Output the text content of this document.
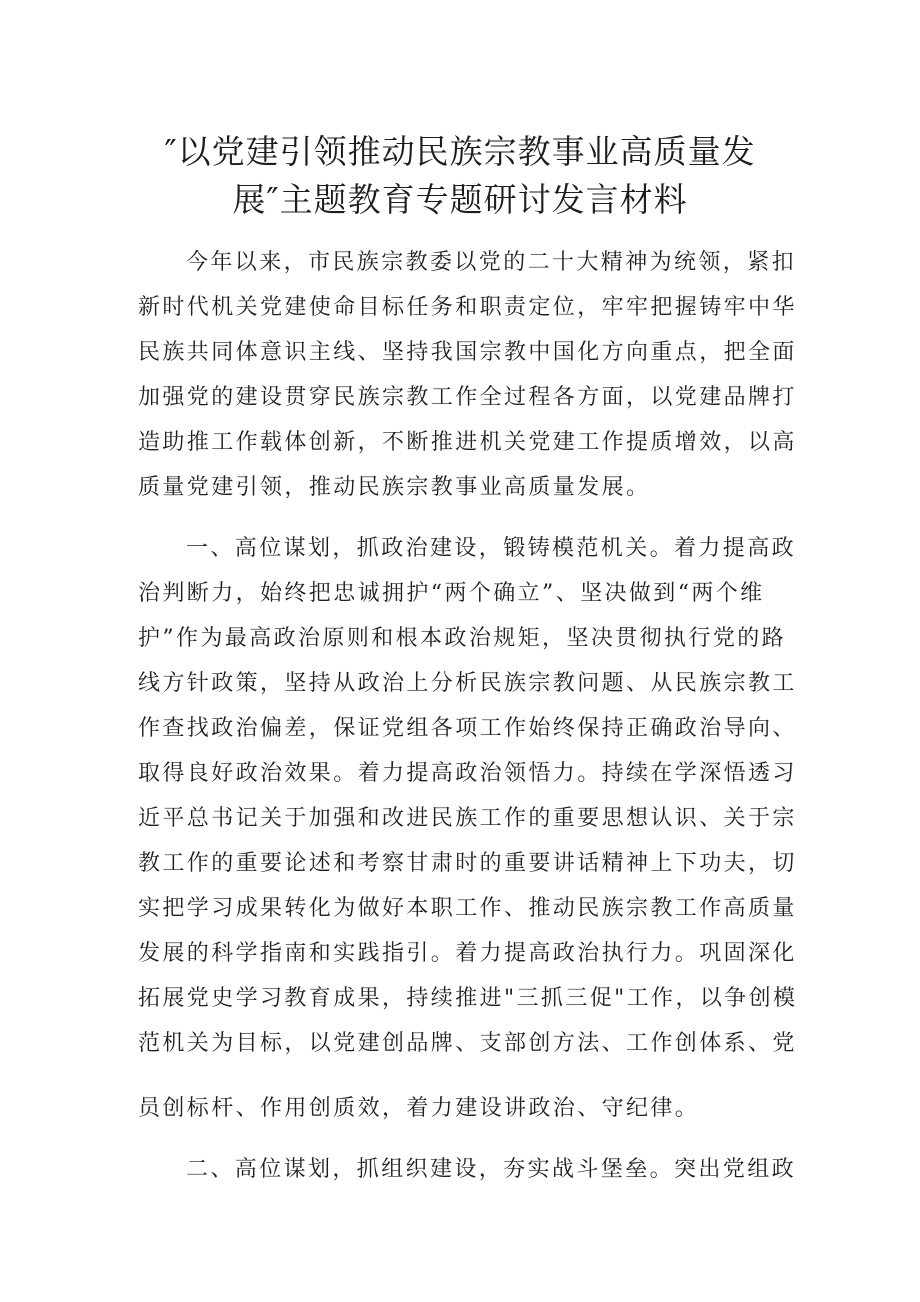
″以党建引领推动民族宗教事业高质量发
展″主题教育专题研讨发言材料

今年以来，市民族宗教委以党的二十大精神为统领，紧扣
新时代机关党建使命目标任务和职责定位，牢牢把握铸牢中华
民族共同体意识主线、坚持我国宗教中国化方向重点，把全面
加强党的建设贯穿民族宗教工作全过程各方面，以党建品牌打
造助推工作载体创新，不断推进机关党建工作提质增效，以高
质量党建引领，推动民族宗教事业高质量发展。

一、高位谋划，抓政治建设，锻铸模范机关。着力提高政
治判断力，始终把忠诚拥护“两个确立”、坚决做到“两个维
护”作为最高政治原则和根本政治规矩，坚决贯彻执行党的路
线方针政策，坚持从政治上分析民族宗教问题、从民族宗教工
作查找政治偏差，保证党组各项工作始终保持正确政治导向、
取得良好政治效果。着力提高政治领悟力。持续在学深悟透习
近平总书记关于加强和改进民族工作的重要思想认识、关于宗
教工作的重要论述和考察甘肃时的重要讲话精神上下功夫，切
实把学习成果转化为做好本职工作、推动民族宗教工作高质量
发展的科学指南和实践指引。着力提高政治执行力。巩固深化
拓展党史学习教育成果，持续推进"三抓三促"工作，以争创模
范机关为目标，以党建创品牌、支部创方法、工作创体系、党
员创标杆、作用创质效，着力建设讲政治、守纪律。

二、高位谋划，抓组织建设，夯实战斗堡垒。突出党组政
